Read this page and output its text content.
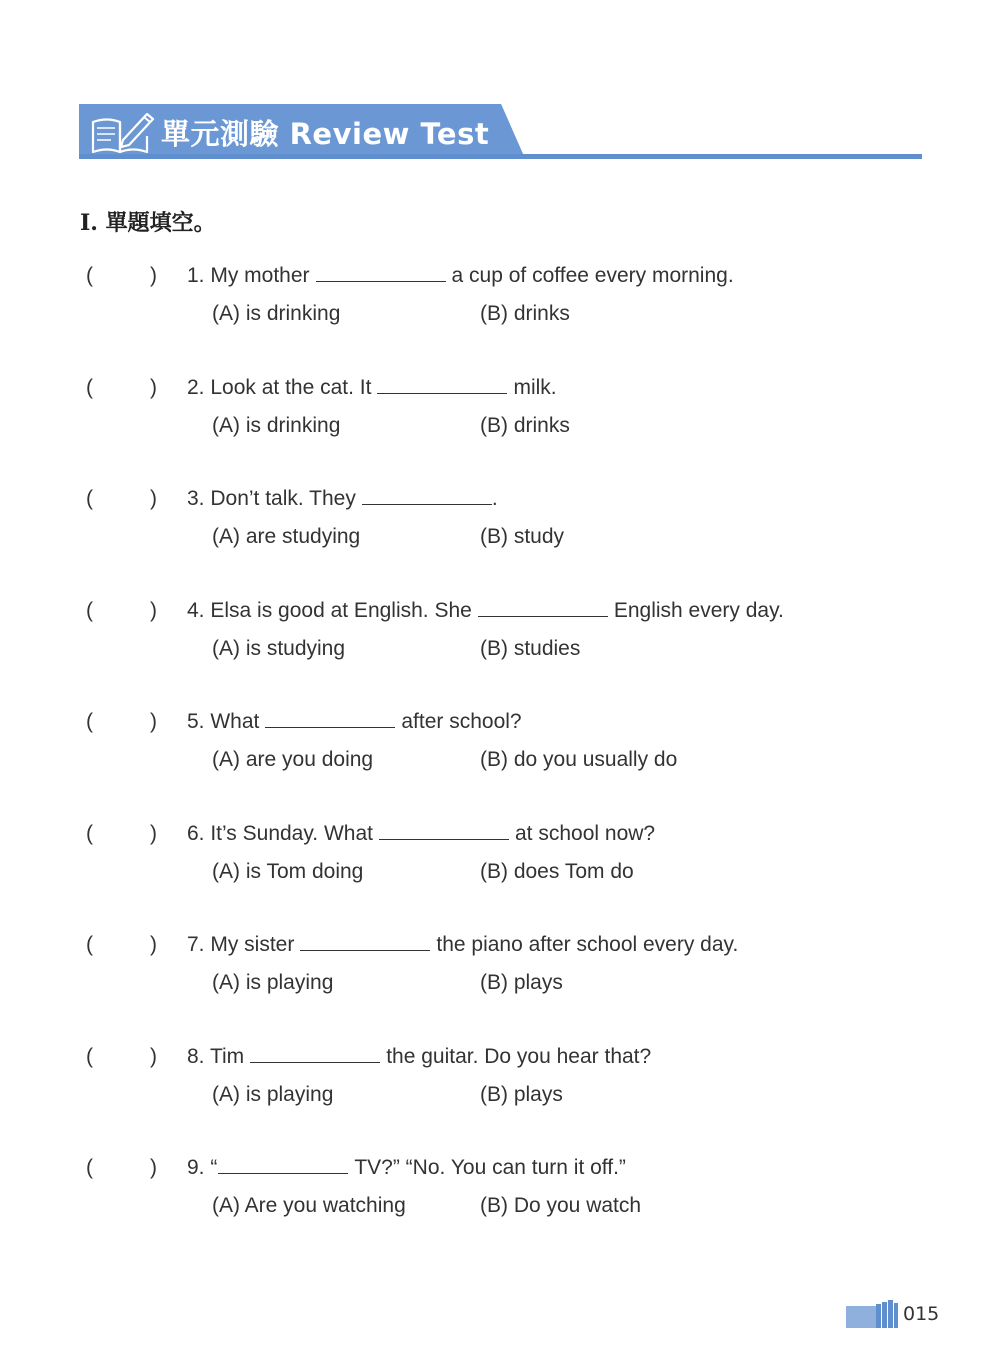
單元測驗 Review Test
I. 單題填空。
(	) 1. My mother	a cup of coffee every morning.
(A) is drinking	(B) drinks
(	) 2. Look at the cat. It	milk.
(A) is drinking	(B) drinks
(	) 3. Don’t talk. They	.
(A) are studying	(B) study
(	) 4. Elsa is good at English. She	English every day.
(A) is studying	(B) studies
(	) 5. What	after school?
(A) are you doing	(B) do you usually do
(	) 6. It’s Sunday. What	at school now?
(A) is Tom doing	(B) does Tom do
(	) 7. My sister	the piano after school every day.
(A) is playing	(B) plays
(	) 8. Tim	the guitar. Do you hear that?
(A) is playing	(B) plays
(	) 9. “	TV?” “No. You can turn it off.”
(A) Are you watching	(B) Do you watch
015
